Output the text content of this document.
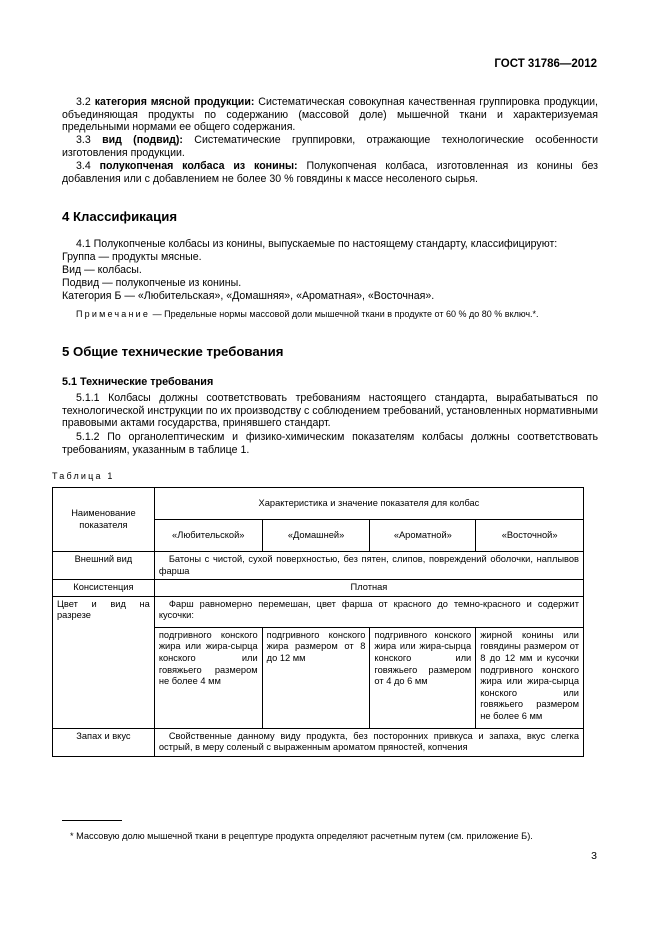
ГОСТ 31786—2012
3.2 категория мясной продукции: Систематическая совокупная качественная группировка продукции, объединяющая продукты по содержанию (массовой доле) мышечной ткани и характеризуемая предельными нормами ее общего содержания.
3.3 вид (подвид): Систематические группировки, отражающие технологические особенности изготовления продукции.
3.4 полукопченая колбаса из конины: Полукопченая колбаса, изготовленная из конины без добавления или с добавлением не более 30 % говядины к массе несоленого сырья.
4 Классификация
4.1 Полукопченые колбасы из конины, выпускаемые по настоящему стандарту, классифицируют:
Группа — продукты мясные.
Вид — колбасы.
Подвид — полукопченые из конины.
Категория Б — «Любительская», «Домашняя», «Ароматная», «Восточная».
Примечание — Предельные нормы массовой доли мышечной ткани в продукте от 60 % до 80 % включ.*.
5 Общие технические требования
5.1 Технические требования
5.1.1 Колбасы должны соответствовать требованиям настоящего стандарта, вырабатываться по технологической инструкции по их производству с соблюдением требований, установленных нормативными правовыми актами государства, принявшего стандарт.
5.1.2 По органолептическим и физико-химическим показателям колбасы должны соответствовать требованиям, указанным в таблице 1.
Таблица 1
Наименование показателя	Характеристика и значение показателя для колбас			
	«Любительской»	«Домашней»	«Ароматной»	«Восточной»
Внешний вид	Батоны с чистой, сухой поверхностью, без пятен, слипов, повреждений оболочки, наплывов фарша			
Консистенция	Плотная			
Цвет и вид на разрезе	Фарш равномерно перемешан, цвет фарша от красного до темно-красного и содержит кусочки:			
	подгривного конского жира или жира-сырца конского или говяжьего размером не более 4 мм	подгривного конского жира размером от 8 до 12 мм	подгривного конского жира или жира-сырца конского или говяжьего размером от 4 до 6 мм	жирной конины или говядины размером от 8 до 12 мм и кусочки подгривного конского жира или жира-сырца конского или говяжьего размером не более 6 мм
Запах и вкус	Свойственные данному виду продукта, без посторонних привкуса и запаха, вкус слегка острый, в меру соленый с выраженным ароматом пряностей, копчения			
* Массовую долю мышечной ткани в рецептуре продукта определяют расчетным путем (см. приложение Б).
3
